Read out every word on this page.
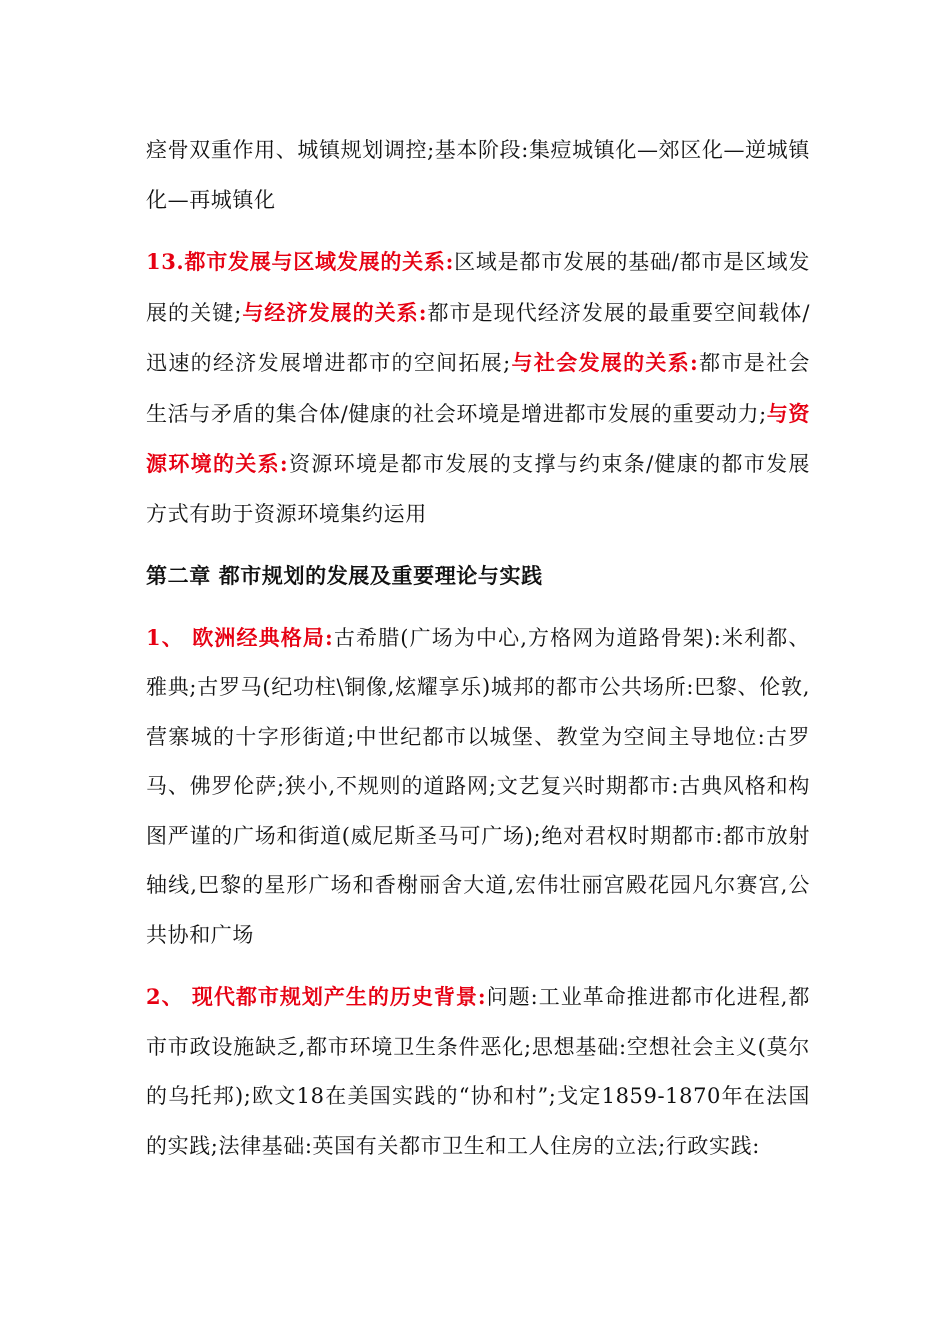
痉骨双重作用、城镇规划调控;基本阶段:集痘城镇化—郊区化—逆城镇化—再城镇化

13.都市发展与区域发展的关系:区域是都市发展的基础/都市是区域发展的关键;与经济发展的关系:都市是现代经济发展的最重要空间载体/迅速的经济发展增进都市的空间拓展;与社会发展的关系:都市是社会生活与矛盾的集合体/健康的社会环境是增进都市发展的重要动力;与资源环境的关系:资源环境是都市发展的支撑与约束条/健康的都市发展方式有助于资源环境集约运用

第二章 都市规划的发展及重要理论与实践

1、 欧洲经典格局:古希腊(广场为中心,方格网为道路骨架):米利都、雅典;古罗马(纪功柱\铜像,炫耀享乐)城邦的都市公共场所:巴黎、伦敦,营寨城的十字形街道;中世纪都市以城堡、教堂为空间主导地位:古罗马、佛罗伦萨;狭小,不规则的道路网;文艺复兴时期都市:古典风格和构图严谨的广场和街道(威尼斯圣马可广场);绝对君权时期都市:都市放射轴线,巴黎的星形广场和香榭丽舍大道,宏伟壮丽宫殿花园凡尔赛宫,公共协和广场

2、 现代都市规划产生的历史背景:问题:工业革命推进都市化进程,都市市政设施缺乏,都市环境卫生条件恶化;思想基础:空想社会主义(莫尔的乌托邦);欧文18在美国实践的“协和村”;戈定1859-1870年在法国的实践;法律基础:英国有关都市卫生和工人住房的立法;行政实践:
